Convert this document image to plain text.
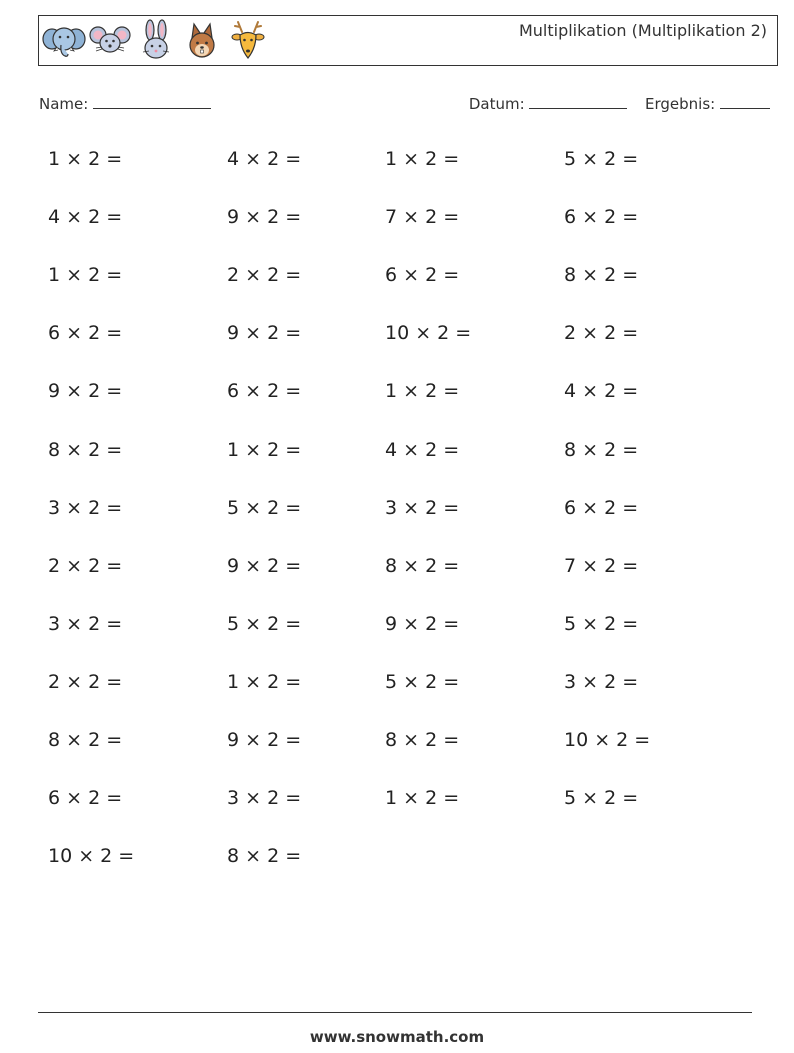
Multiplikation (Multiplikation 2)
Name:	Datum:	Ergebnis:
1 × 2 =	4 × 2 =	1 × 2 =	5 × 2 =
4 × 2 =	9 × 2 =	7 × 2 =	6 × 2 =
1 × 2 =	2 × 2 =	6 × 2 =	8 × 2 =
6 × 2 =	9 × 2 =	10 × 2 =	2 × 2 =
9 × 2 =	6 × 2 =	1 × 2 =	4 × 2 =
8 × 2 =	1 × 2 =	4 × 2 =	8 × 2 =
3 × 2 =	5 × 2 =	3 × 2 =	6 × 2 =
2 × 2 =	9 × 2 =	8 × 2 =	7 × 2 =
3 × 2 =	5 × 2 =	9 × 2 =	5 × 2 =
2 × 2 =	1 × 2 =	5 × 2 =	3 × 2 =
8 × 2 =	9 × 2 =	8 × 2 =	10 × 2 =
6 × 2 =	3 × 2 =	1 × 2 =	5 × 2 =
10 × 2 =	8 × 2 =
www.snowmath.com
